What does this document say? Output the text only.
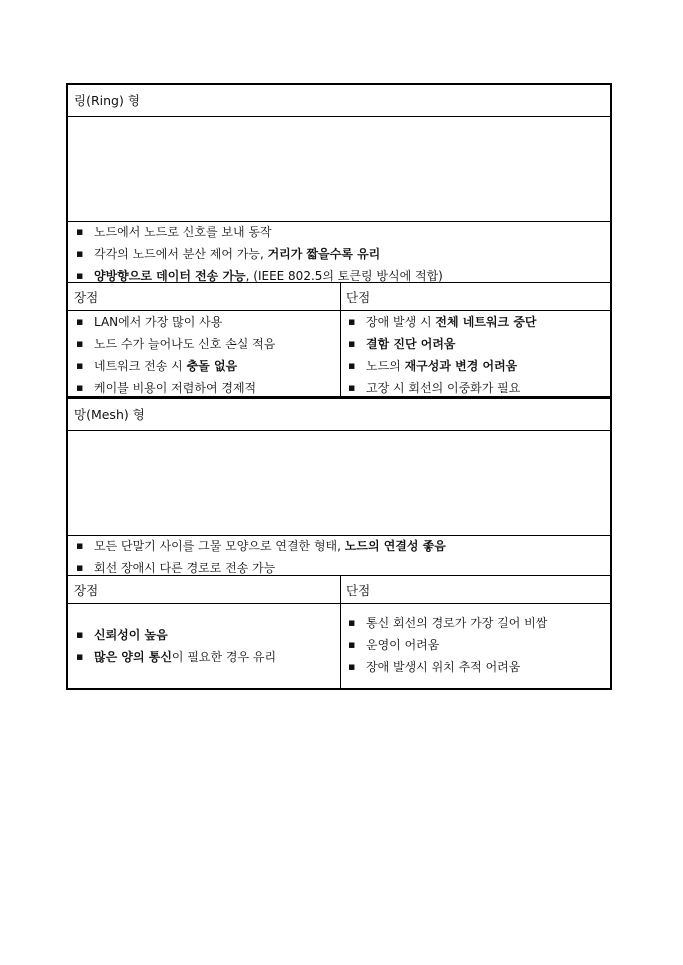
링(Ring) 형
▪ 노드에서 노드로 신호를 보내 동작
▪ 각각의 노드에서 분산 제어 가능, 거리가 짧을수록 유리
▪ 양방향으로 데이터 전송 가능, (IEEE 802.5의 토큰링 방식에 적합)
장점	단점
▪ LAN에서 가장 많이 사용
▪ 노드 수가 늘어나도 신호 손실 적음
▪ 네트워크 전송 시 충돌 없음
▪ 케이블 비용이 저렴하여 경제적
▪ 장애 발생 시 전체 네트워크 중단
▪ 결함 진단 어려움
▪ 노드의 재구성과 변경 어려움
▪ 고장 시 회선의 이중화가 필요
망(Mesh) 형
▪ 모든 단말기 사이를 그물 모양으로 연결한 형태, 노드의 연결성 좋음
▪ 회선 장애시 다른 경로로 전송 가능
장점	단점
▪ 신뢰성이 높음
▪ 많은 양의 통신이 필요한 경우 유리
▪ 통신 회선의 경로가 가장 길어 비쌈
▪ 운영이 어려움
▪ 장애 발생시 위치 추적 어려움
